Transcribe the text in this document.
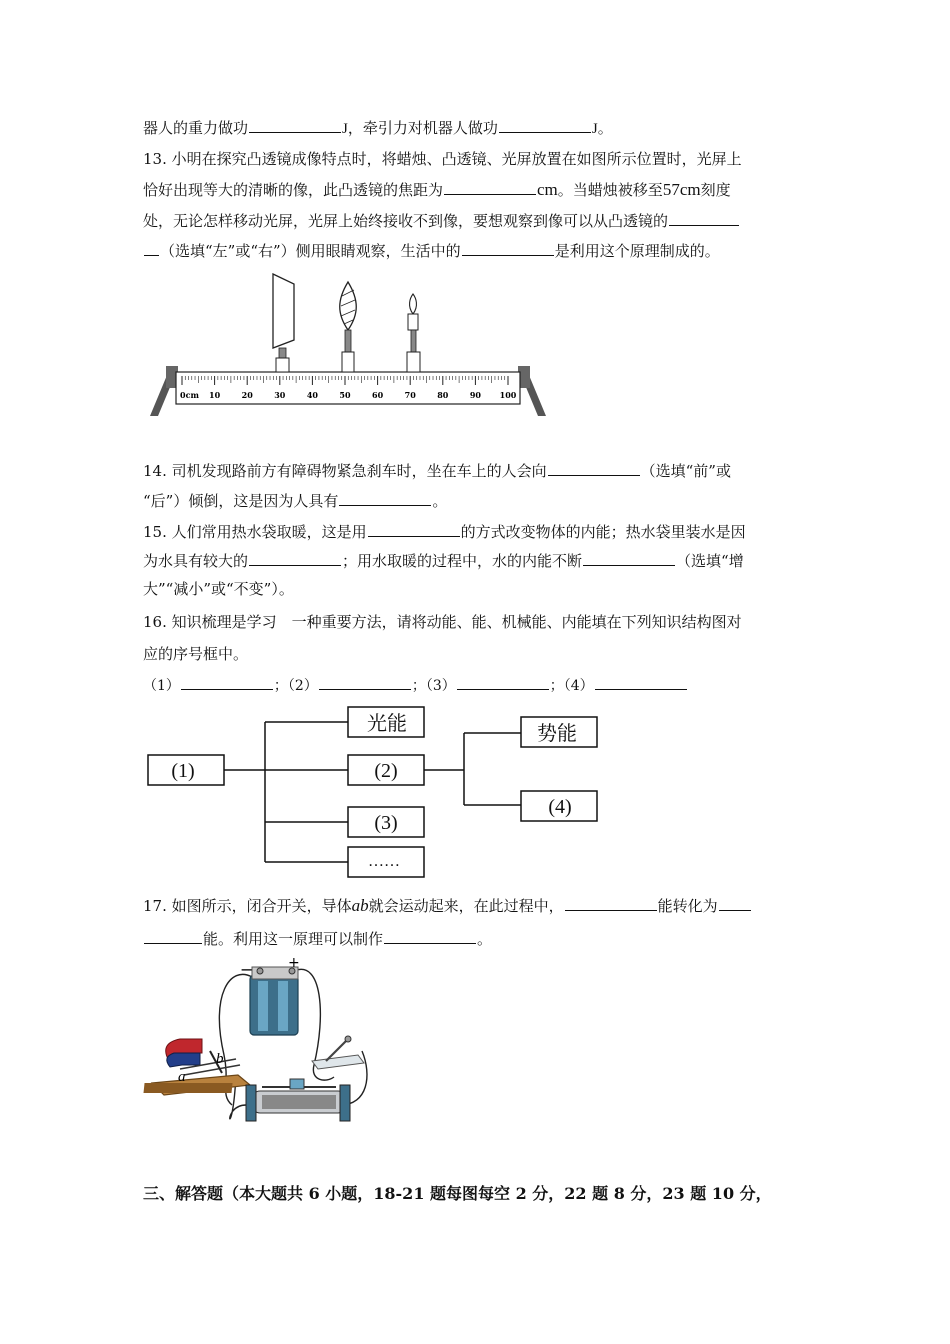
器人的重力做功	J，牵引力对机器人做功	J。
13. 小明在探究凸透镜成像特点时，将蜡烛、凸透镜、光屏放置在如图所示位置时，光屏上
恰好出现等大的清晰的像，此凸透镜的焦距为	cm。当蜡烛被移至57cm刻度
处，无论怎样移动光屏，光屏上始终接收不到像，要想观察到像可以从凸透镜的
（选填“左”或“右”）侧用眼睛观察，生活中的	是利用这个原理制成的。
0cm 10	20	30	40	50	60	70	80	90 100
14. 司机发现路前方有障碍物紧急刹车时，坐在车上的人会向	（选填“前”或
“后”）倾倒，这是因为人具有	。
15. 人们常用热水袋取暖，这是用	的方式改变物体的内能；热水袋里装水是因
为水具有较大的	；用水取暖的过程中，水的内能不断	（选填“增
大”“减小”或“不变”）。
16. 知识梳理是学习　一种重要方法，请将动能、能、机械能、内能填在下列知识结构图对
应的序号框中。
（1）	；（2）	；（3）	；（4）
(1)
光能
(2)
(3)
……
势能
(4)
17. 如图所示，闭合开关，导体ab就会运动起来，在此过程中，	能转化为
能。利用这一原理可以制作	。
− +
b
a
三、解答题（本大题共 6 小题，18-21 题每图每空 2 分，22 题 8 分，23 题 10 分，
